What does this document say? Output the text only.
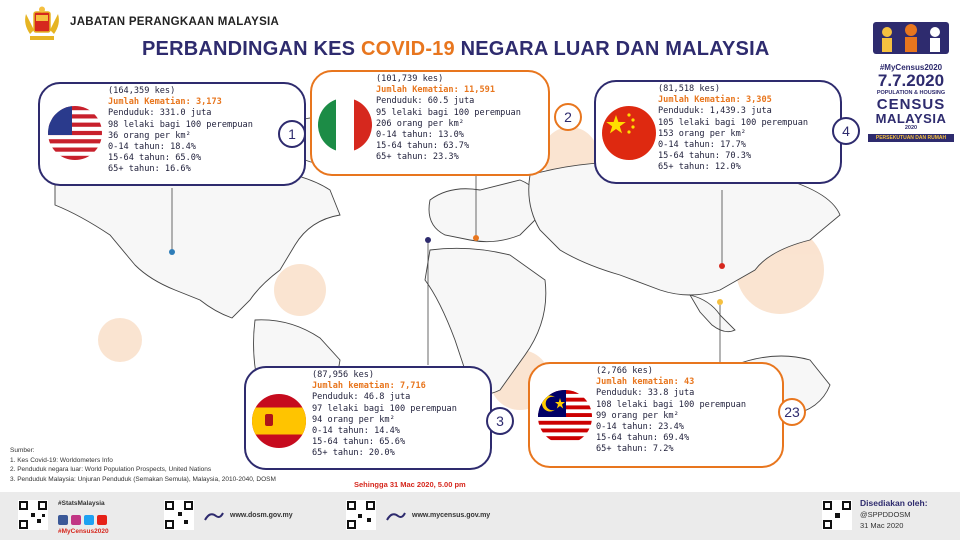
JABATAN PERANGKAAN MALAYSIA
PERBANDINGAN KES COVID-19 NEGARA LUAR DAN MALAYSIA
#MyCensus2020
7.7.2020
POPULATION & HOUSING
CENSUS
MALAYSIA
2020
PERSEKUTUAN DAN RUMAH
(164,359 kes)
Jumlah Kematian: 3,173
Penduduk: 331.0 juta
98 lelaki bagi 100 perempuan
36 orang per km²
0-14 tahun: 18.4%
15-64 tahun: 65.0%
65+ tahun: 16.6%
1
(101,739 kes)
Jumlah Kematian: 11,591
Penduduk: 60.5 juta
95 lelaki bagi 100 perempuan
206 orang per km²
0-14 tahun: 13.0%
15-64 tahun: 63.7%
65+ tahun: 23.3%
2
(81,518 kes)
Jumlah Kematian: 3,305
Penduduk: 1,439.3 juta
105 lelaki bagi 100 perempuan
153 orang per km²
0-14 tahun: 17.7%
15-64 tahun: 70.3%
65+ tahun: 12.0%
4
(87,956 kes)
Jumlah kematian: 7,716
Penduduk: 46.8 juta
97 lelaki bagi 100 perempuan
94 orang per km²
0-14 tahun: 14.4%
15-64 tahun: 65.6%
65+ tahun: 20.0%
3
(2,766 kes)
Jumlah kematian: 43
Penduduk: 33.8 juta
108 lelaki bagi 100 perempuan
99 orang per km²
0-14 tahun: 23.4%
15-64 tahun: 69.4%
65+ tahun: 7.2%
23
Sumber:
1. Kes Covid-19: Worldometers Info
2. Penduduk negara luar: World Population Prospects, United Nations
3. Penduduk Malaysia: Unjuran Penduduk (Semakan Semula), Malaysia, 2010-2040, DOSM
Sehingga 31 Mac 2020, 5.00 pm
#StatsMalaysia
#MyCensus2020
www.dosm.gov.my	www.mycensus.gov.my
Disediakan oleh:
@SPPDDOSM
31 Mac 2020
